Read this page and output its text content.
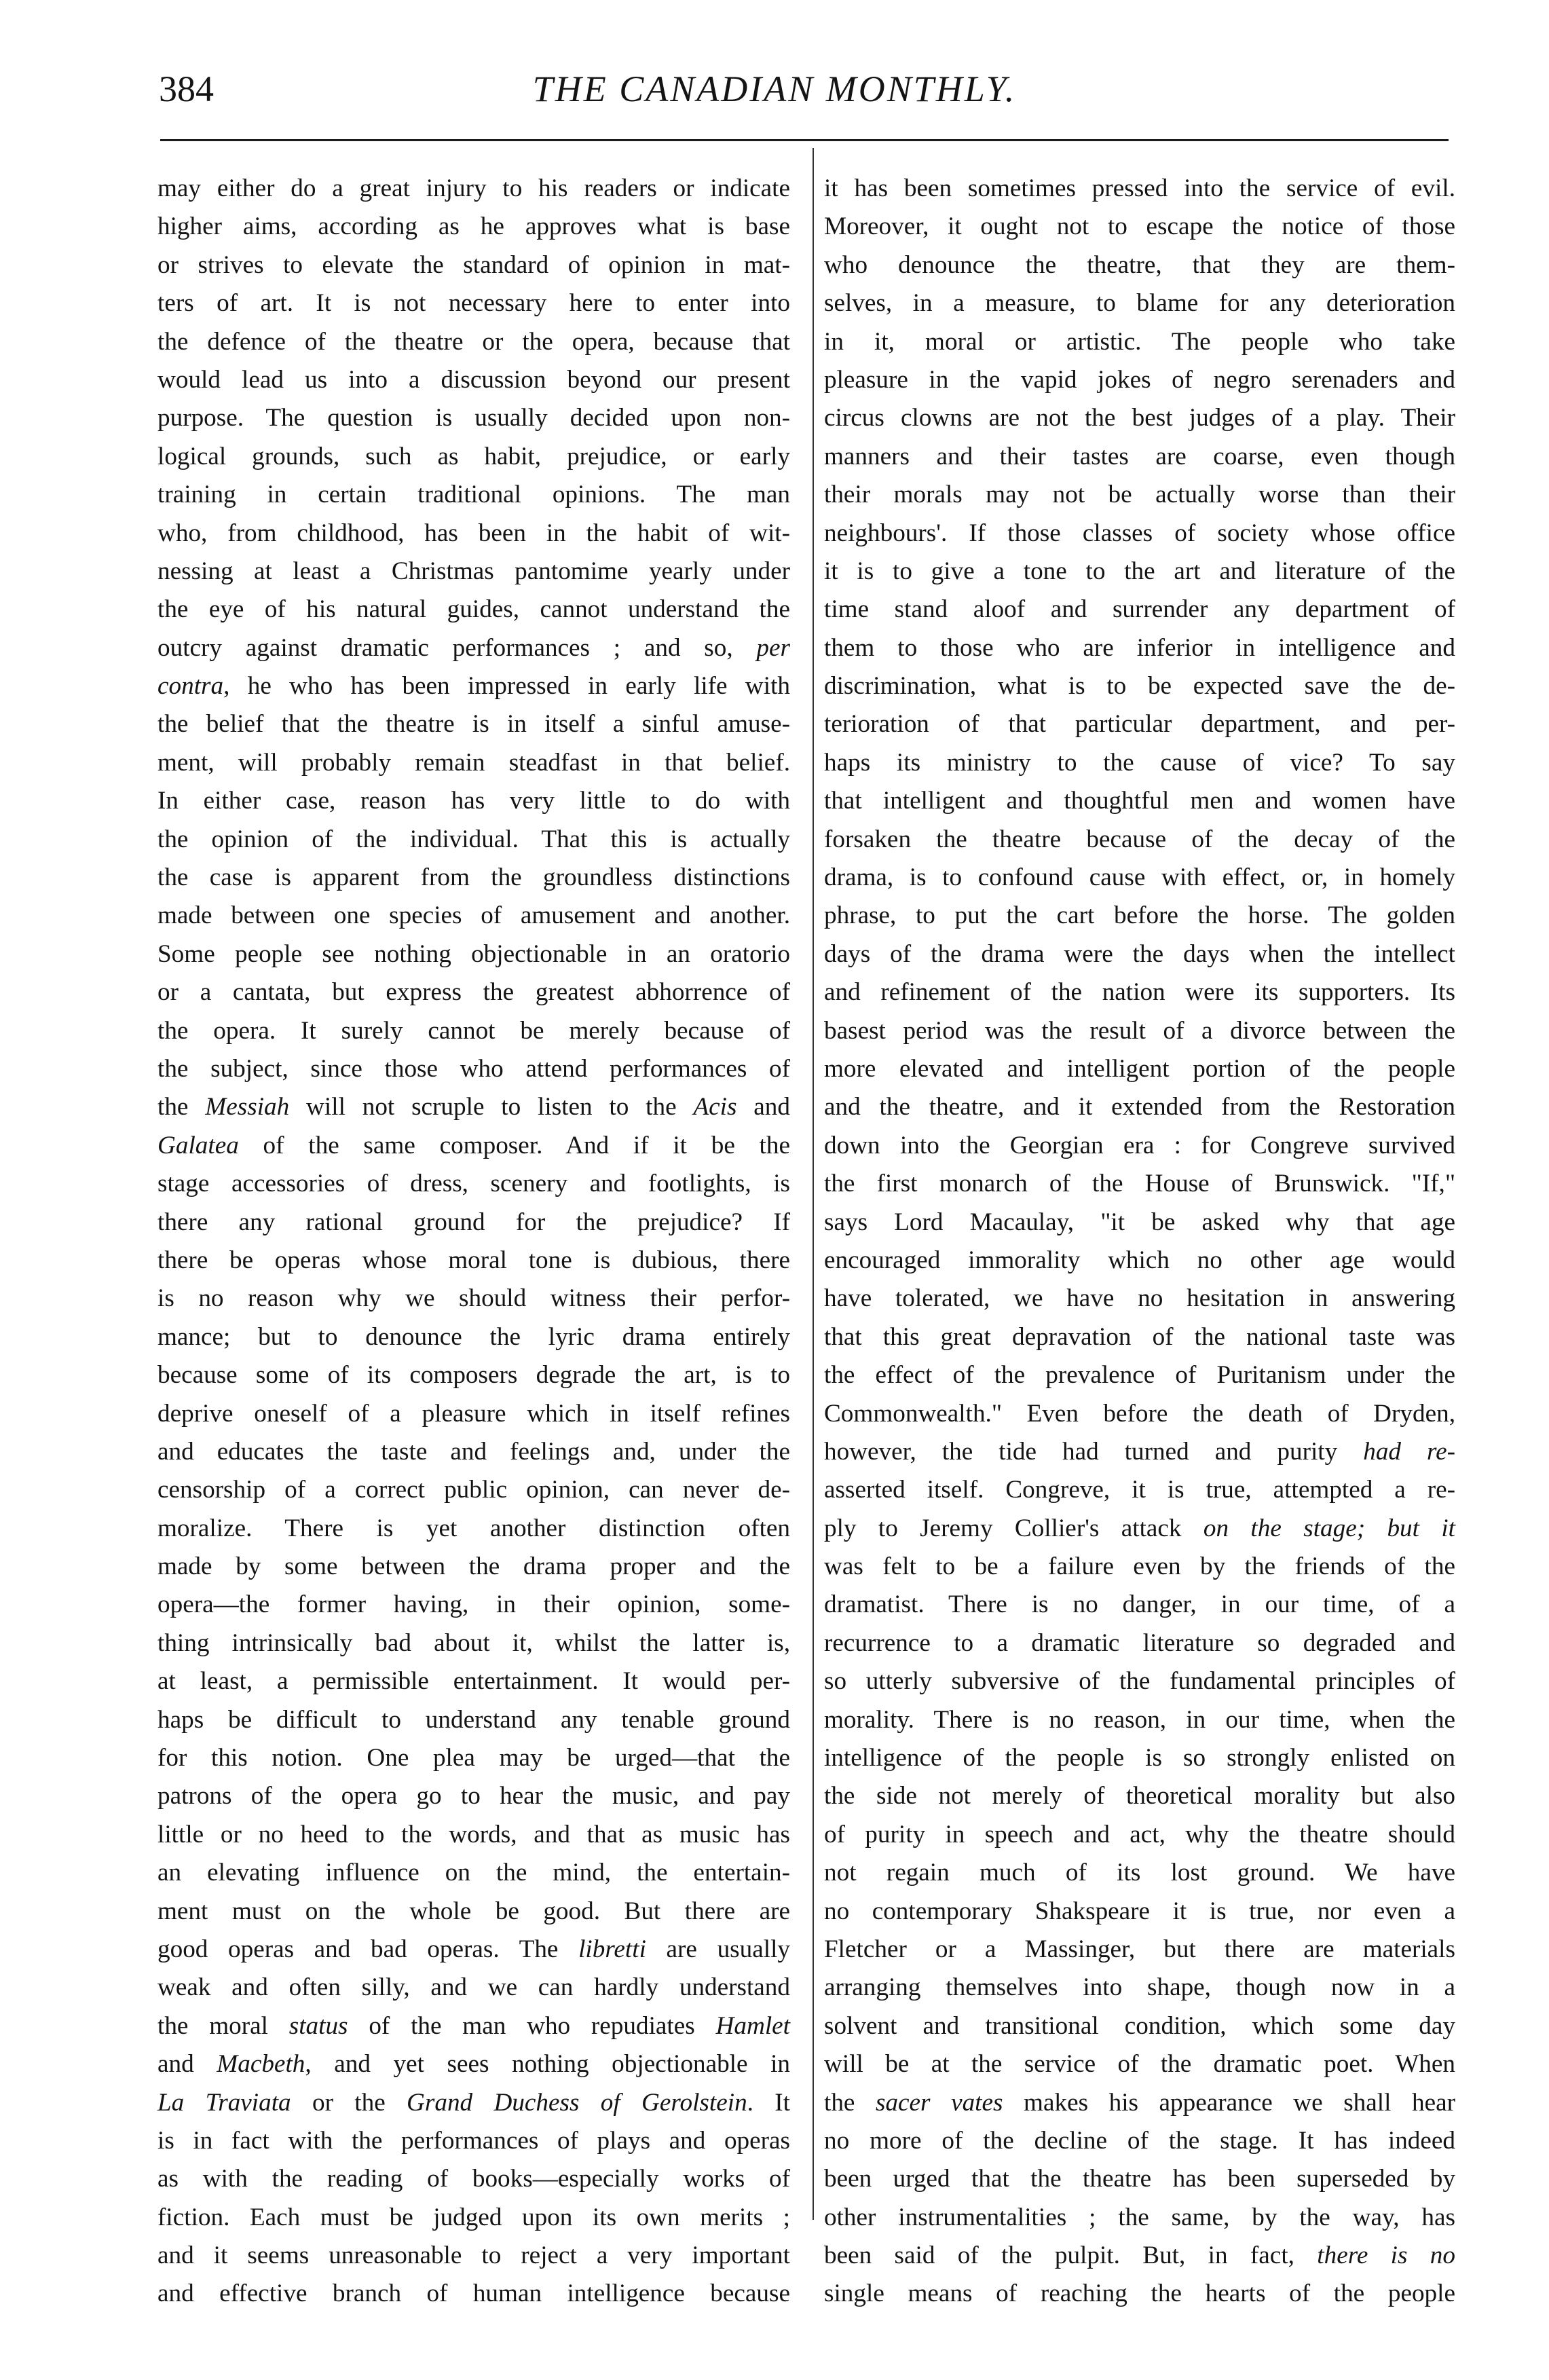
384	THE CANADIAN MONTHLY.
may either do a great injury to his readers or indicate
higher aims, according as he approves what is base
or strives to elevate the standard of opinion in mat-
ters of art. It is not necessary here to enter into
the defence of the theatre or the opera, because that
would lead us into a discussion beyond our present
purpose. The question is usually decided upon non-
logical grounds, such as habit, prejudice, or early
training in certain traditional opinions. The man
who, from childhood, has been in the habit of wit-
nessing at least a Christmas pantomime yearly under
the eye of his natural guides, cannot understand the
outcry against dramatic performances ; and so, per
contra, he who has been impressed in early life with
the belief that the theatre is in itself a sinful amuse-
ment, will probably remain steadfast in that belief.
In either case, reason has very little to do with
the opinion of the individual. That this is actually
the case is apparent from the groundless distinctions
made between one species of amusement and another.
Some people see nothing objectionable in an oratorio
or a cantata, but express the greatest abhorrence of
the opera. It surely cannot be merely because of
the subject, since those who attend performances of
the Messiah will not scruple to listen to the Acis and
Galatea of the same composer. And if it be the
stage accessories of dress, scenery and footlights, is
there any rational ground for the prejudice? If
there be operas whose moral tone is dubious, there
is no reason why we should witness their perfor-
mance; but to denounce the lyric drama entirely
because some of its composers degrade the art, is to
deprive oneself of a pleasure which in itself refines
and educates the taste and feelings and, under the
censorship of a correct public opinion, can never de-
moralize. There is yet another distinction often
made by some between the drama proper and the
opera—the former having, in their opinion, some-
thing intrinsically bad about it, whilst the latter is,
at least, a permissible entertainment. It would per-
haps be difficult to understand any tenable ground
for this notion. One plea may be urged—that the
patrons of the opera go to hear the music, and pay
little or no heed to the words, and that as music has
an elevating influence on the mind, the entertain-
ment must on the whole be good. But there are
good operas and bad operas. The libretti are usually
weak and often silly, and we can hardly understand
the moral status of the man who repudiates Hamlet
and Macbeth, and yet sees nothing objectionable in
La Traviata or the Grand Duchess of Gerolstein. It
is in fact with the performances of plays and operas
as with the reading of books—especially works of
fiction. Each must be judged upon its own merits ;
and it seems unreasonable to reject a very important
and effective branch of human intelligence because
it has been sometimes pressed into the service of evil.
Moreover, it ought not to escape the notice of those
who denounce the theatre, that they are them-
selves, in a measure, to blame for any deterioration
in it, moral or artistic. The people who take
pleasure in the vapid jokes of negro serenaders and
circus clowns are not the best judges of a play. Their
manners and their tastes are coarse, even though
their morals may not be actually worse than their
neighbours'. If those classes of society whose office
it is to give a tone to the art and literature of the
time stand aloof and surrender any department of
them to those who are inferior in intelligence and
discrimination, what is to be expected save the de-
terioration of that particular department, and per-
haps its ministry to the cause of vice? To say
that intelligent and thoughtful men and women have
forsaken the theatre because of the decay of the
drama, is to confound cause with effect, or, in homely
phrase, to put the cart before the horse. The golden
days of the drama were the days when the intellect
and refinement of the nation were its supporters. Its
basest period was the result of a divorce between the
more elevated and intelligent portion of the people
and the theatre, and it extended from the Restoration
down into the Georgian era : for Congreve survived
the first monarch of the House of Brunswick. "If,"
says Lord Macaulay, "it be asked why that age
encouraged immorality which no other age would
have tolerated, we have no hesitation in answering
that this great depravation of the national taste was
the effect of the prevalence of Puritanism under the
Commonwealth." Even before the death of Dryden,
however, the tide had turned and purity had re-
asserted itself. Congreve, it is true, attempted a re-
ply to Jeremy Collier's attack on the stage; but it
was felt to be a failure even by the friends of the
dramatist. There is no danger, in our time, of a
recurrence to a dramatic literature so degraded and
so utterly subversive of the fundamental principles of
morality. There is no reason, in our time, when the
intelligence of the people is so strongly enlisted on
the side not merely of theoretical morality but also
of purity in speech and act, why the theatre should
not regain much of its lost ground. We have
no contemporary Shakspeare it is true, nor even a
Fletcher or a Massinger, but there are materials
arranging themselves into shape, though now in a
solvent and transitional condition, which some day
will be at the service of the dramatic poet. When
the sacer vates makes his appearance we shall hear
no more of the decline of the stage. It has indeed
been urged that the theatre has been superseded by
other instrumentalities ; the same, by the way, has
been said of the pulpit. But, in fact, there is no
single means of reaching the hearts of the people
